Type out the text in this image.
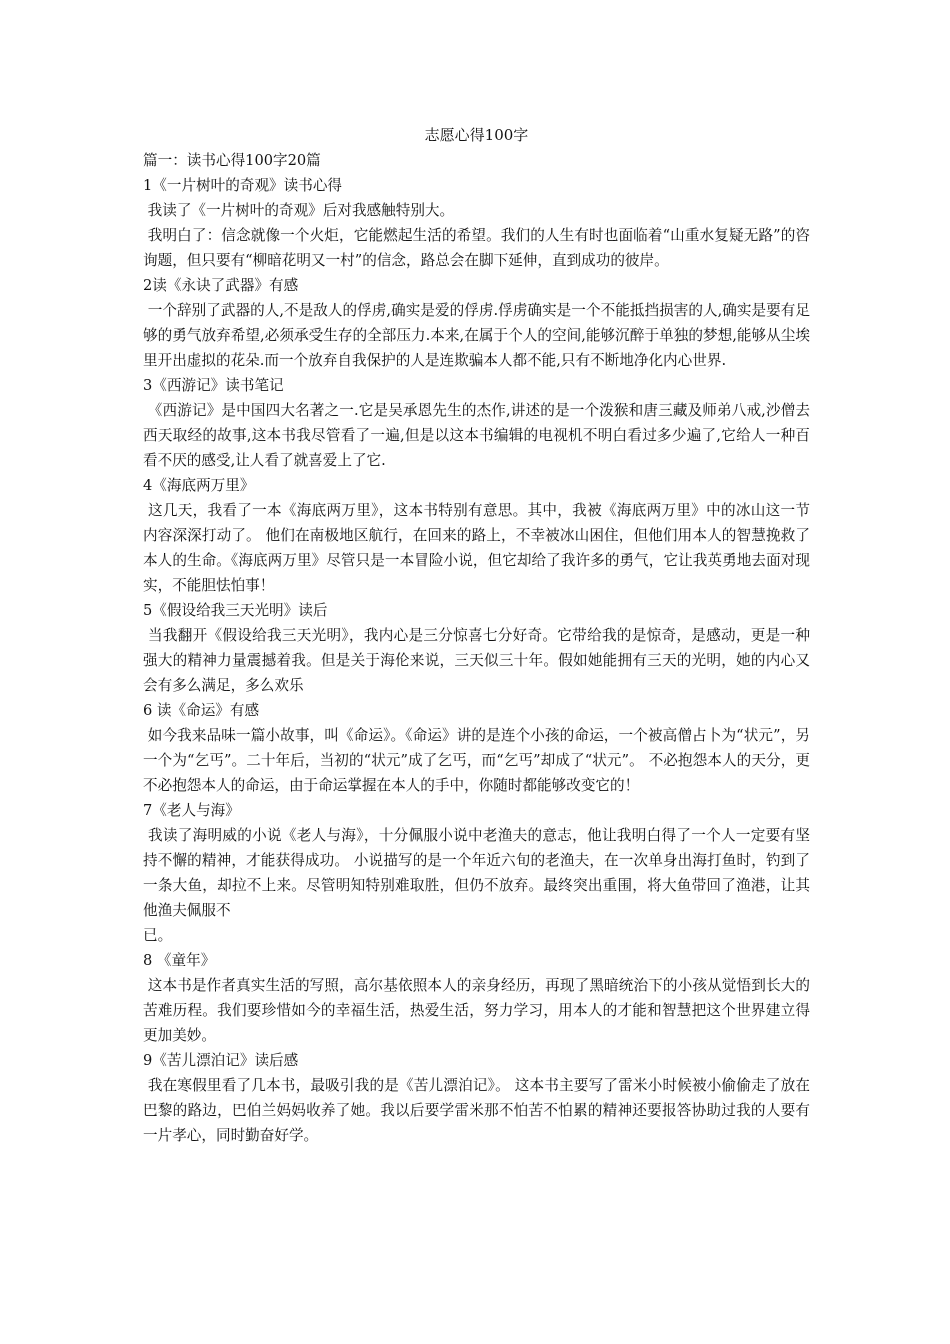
志愿心得100字

篇一：读书心得100字20篇

1《一片树叶的奇观》读书心得

我读了《一片树叶的奇观》后对我感触特别大。

我明白了：信念就像一个火炬，它能燃起生活的希望。我们的人生有时也面临着“山重水复疑无路”的咨询题，但只要有“柳暗花明又一村”的信念，路总会在脚下延伸，直到成功的彼岸。

2读《永诀了武器》有感

一个辞别了武器的人,不是敌人的俘虏,确实是爱的俘虏.俘虏确实是一个不能抵挡损害的人,确实是要有足够的勇气放弃希望,必须承受生存的全部压力.本来,在属于个人的空间,能够沉醉于单独的梦想,能够从尘埃里开出虚拟的花朵.而一个放弃自我保护的人是连欺骗本人都不能,只有不断地净化内心世界.

3《西游记》读书笔记

《西游记》是中国四大名著之一.它是吴承恩先生的杰作,讲述的是一个泼猴和唐三藏及师弟八戒,沙僧去西天取经的故事,这本书我尽管看了一遍,但是以这本书编辑的电视机不明白看过多少遍了,它给人一种百看不厌的感受,让人看了就喜爱上了它.

4《海底两万里》

这几天，我看了一本《海底两万里》，这本书特别有意思。其中，我被《海底两万里》中的冰山这一节内容深深打动了。 他们在南极地区航行，在回来的路上，不幸被冰山困住，但他们用本人的智慧挽救了本人的生命。《海底两万里》尽管只是一本冒险小说，但它却给了我许多的勇气，它让我英勇地去面对现实，不能胆怯怕事！

5《假设给我三天光明》读后

当我翻开《假设给我三天光明》，我内心是三分惊喜七分好奇。它带给我的是惊奇，是感动，更是一种强大的精神力量震撼着我。但是关于海伦来说，三天似三十年。假如她能拥有三天的光明，她的内心又会有多么满足，多么欢乐

6 读《命运》有感

如今我来品味一篇小故事，叫《命运》。《命运》讲的是连个小孩的命运，一个被高僧占卜为“状元”，另一个为“乞丐”。二十年后，当初的“状元”成了乞丐，而“乞丐”却成了“状元”。 不必抱怨本人的天分，更不必抱怨本人的命运，由于命运掌握在本人的手中，你随时都能够改变它的！

7《老人与海》

我读了海明威的小说《老人与海》，十分佩服小说中老渔夫的意志，他让我明白得了一个人一定要有坚持不懈的精神，才能获得成功。 小说描写的是一个年近六旬的老渔夫，在一次单身出海打鱼时，钓到了一条大鱼，却拉不上来。尽管明知特别难取胜，但仍不放弃。最终突出重围，将大鱼带回了渔港，让其他渔夫佩服不

已。

8 《童年》

这本书是作者真实生活的写照，高尔基依照本人的亲身经历，再现了黑暗统治下的小孩从觉悟到长大的苦难历程。我们要珍惜如今的幸福生活，热爱生活，努力学习，用本人的才能和智慧把这个世界建立得更加美妙。

9《苦儿漂泊记》读后感

我在寒假里看了几本书，最吸引我的是《苦儿漂泊记》。 这本书主要写了雷米小时候被小偷偷走了放在巴黎的路边，巴伯兰妈妈收养了她。我以后要学雷米那不怕苦不怕累的精神还要报答协助过我的人要有一片孝心，同时勤奋好学。
